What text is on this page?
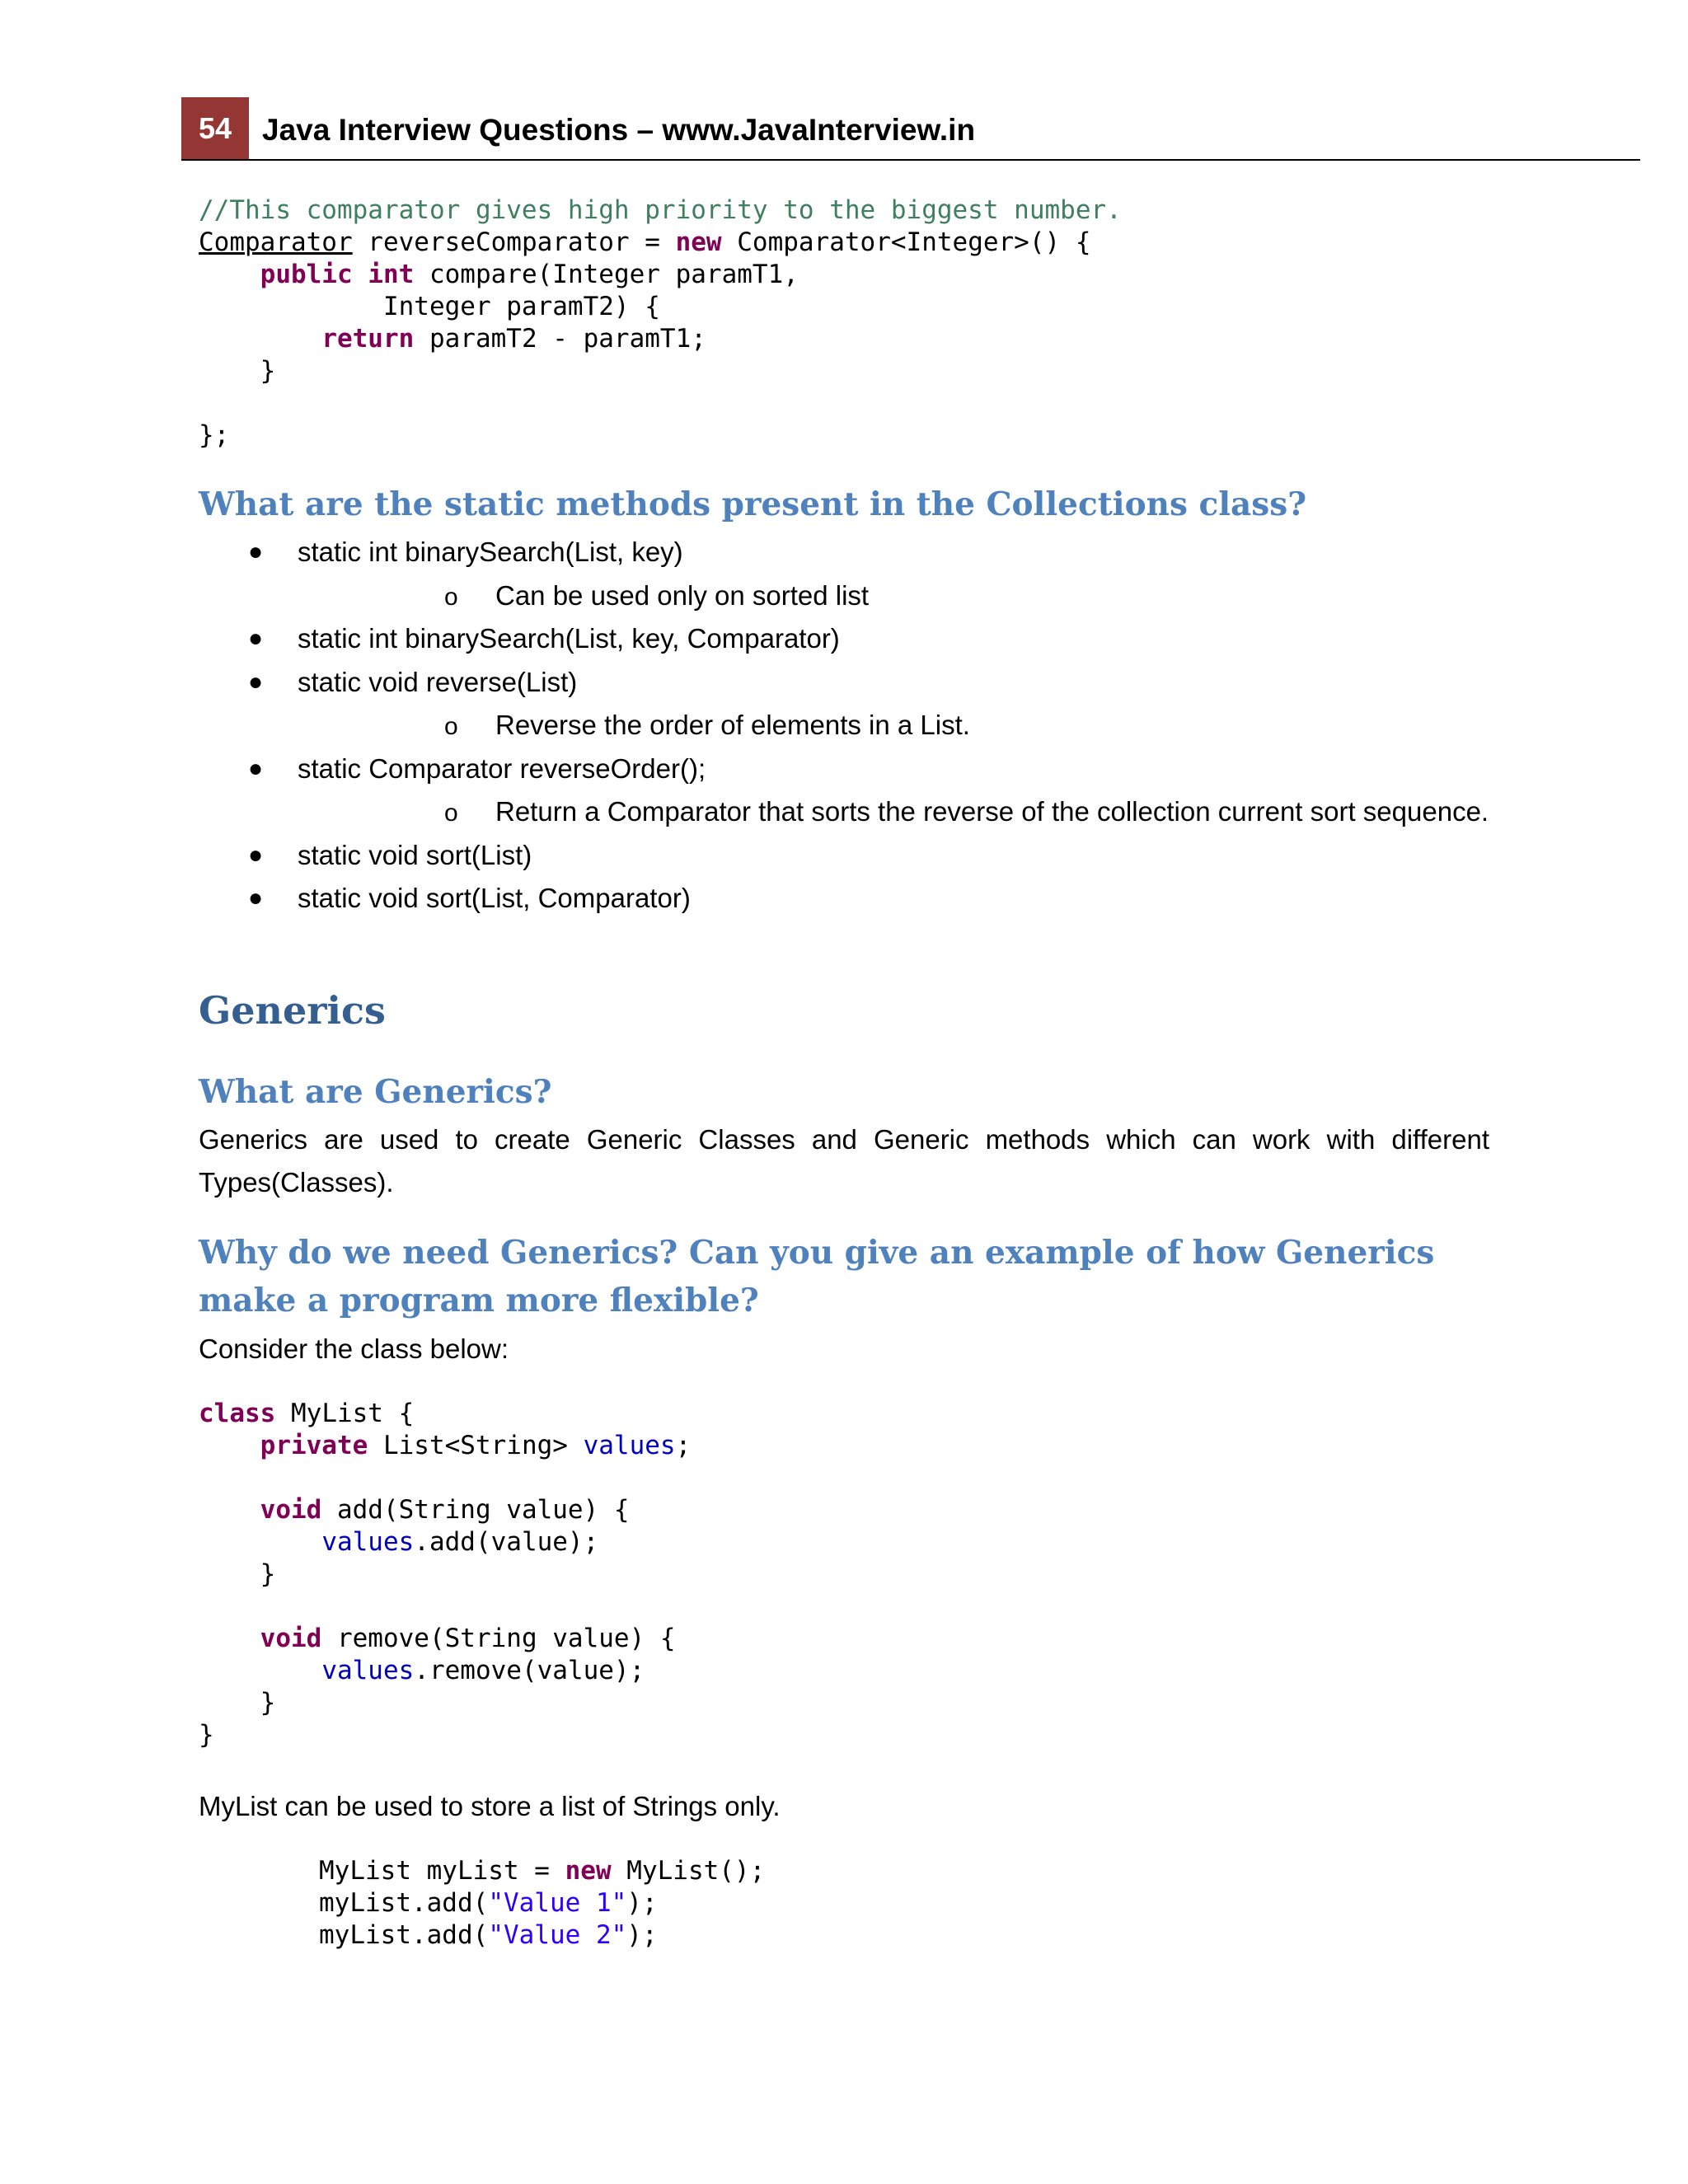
54 Java Interview Questions – www.JavaInterview.in
//This comparator gives high priority to the biggest number.
Comparator reverseComparator = new Comparator<Integer>() {
public int compare(Integer paramT1,
Integer paramT2) {
return paramT2 - paramT1;
}
};
What are the static methods present in the Collections class?
● static int binarySearch(List, key)
o Can be used only on sorted list
● static int binarySearch(List, key, Comparator)
● static void reverse(List)
o Reverse the order of elements in a List.
● static Comparator reverseOrder();
o Return a Comparator that sorts the reverse of the collection current sort sequence.
● static void sort(List)
● static void sort(List, Comparator)
Generics
What are Generics?

Generics are used to create Generic Classes and Generic methods which can work with different Types(Classes).

Why do we need Generics? Can you give an example of how Generics make a program more flexible?

Consider the class below:

class MyList {
private List<String> values;
void add(String value) {
values.add(value);
}
void remove(String value) {
values.remove(value);
}
}

MyList can be used to store a list of Strings only.

MyList myList = new MyList();
myList.add("Value 1");
myList.add("Value 2");
